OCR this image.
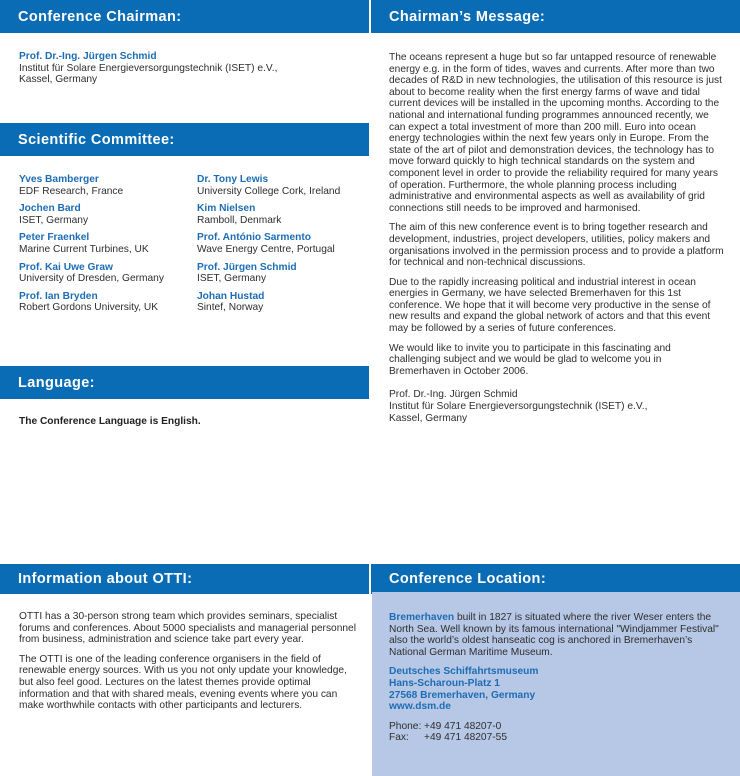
Conference Chairman:
Prof. Dr.-Ing. Jürgen Schmid
Institut für Solare Energieversorgungstechnik (ISET) e.V.,
Kassel, Germany
Scientific Committee:
Yves Bamberger
EDF Research, France
Jochen Bard
ISET, Germany
Peter Fraenkel
Marine Current Turbines, UK
Prof. Kai Uwe Graw
University of Dresden, Germany
Prof. Ian Bryden
Robert Gordons University, UK
Dr. Tony Lewis
University College Cork, Ireland
Kim Nielsen
Ramboll, Denmark
Prof. António Sarmento
Wave Energy Centre, Portugal
Prof. Jürgen Schmid
ISET, Germany
Johan Hustad
Sintef, Norway
Language:
The Conference Language is English.
Chairman’s Message:

The oceans represent a huge but so far untapped resource of renewable energy e.g. in the form of tides, waves and currents. After more than two decades of R&D in new technologies, the utilisation of this resource is just about to become reality when the first energy farms of wave and tidal current devices will be installed in the upcoming months. According to the national and international funding programmes announced recently, we can expect a total investment of more than 200 mill. Euro into ocean energy technologies within the next few years only in Europe. From the state of the art of pilot and demonstration devices, the technology has to move forward quickly to high technical standards on the system and component level in order to provide the reliability required for many years of operation. Furthermore, the whole planning process including administrative and environmental aspects as well as availability of grid connections still needs to be improved and harmonised.

The aim of this new conference event is to bring together research and development, industries, project developers, utilities, policy makers and organisations involved in the permission process and to provide a platform for technical and non-technical discussions.

Due to the rapidly increasing political and industrial interest in ocean energies in Germany, we have selected Bremerhaven for this 1st conference. We hope that it will become very productive in the sense of new results and expand the global network of actors and that this event may be followed by a series of future conferences.

We would like to invite you to participate in this fascinating and challenging subject and we would be glad to welcome you in Bremerhaven in October 2006.

Prof. Dr.-Ing. Jürgen Schmid
Institut für Solare Energieversorgungstechnik (ISET) e.V.,
Kassel, Germany
Information about OTTI:

OTTI has a 30-person strong team which provides seminars, specialist forums and conferences. About 5000 specialists and managerial personnel from business, administration and science take part every year.

The OTTI is one of the leading conference organisers in the field of renewable energy sources. With us you not only update your knowledge, but also feel good. Lectures on the latest themes provide optimal information and that with shared meals, evening events where you can make worthwhile contacts with other participants and lecturers.

Conference Location:

Bremerhaven built in 1827 is situated where the river Weser enters the North Sea. Well known by its famous international "Windjammer Festival" also the world’s oldest hanseatic cog is anchored in Bremerhaven’s National German Maritime Museum.

Deutsches Schiffahrtsmuseum
Hans-Scharoun-Platz 1
27568 Bremerhaven, Germany
www.dsm.de
Phone: +49 471 48207-0
Fax:	+49 471 48207-55
